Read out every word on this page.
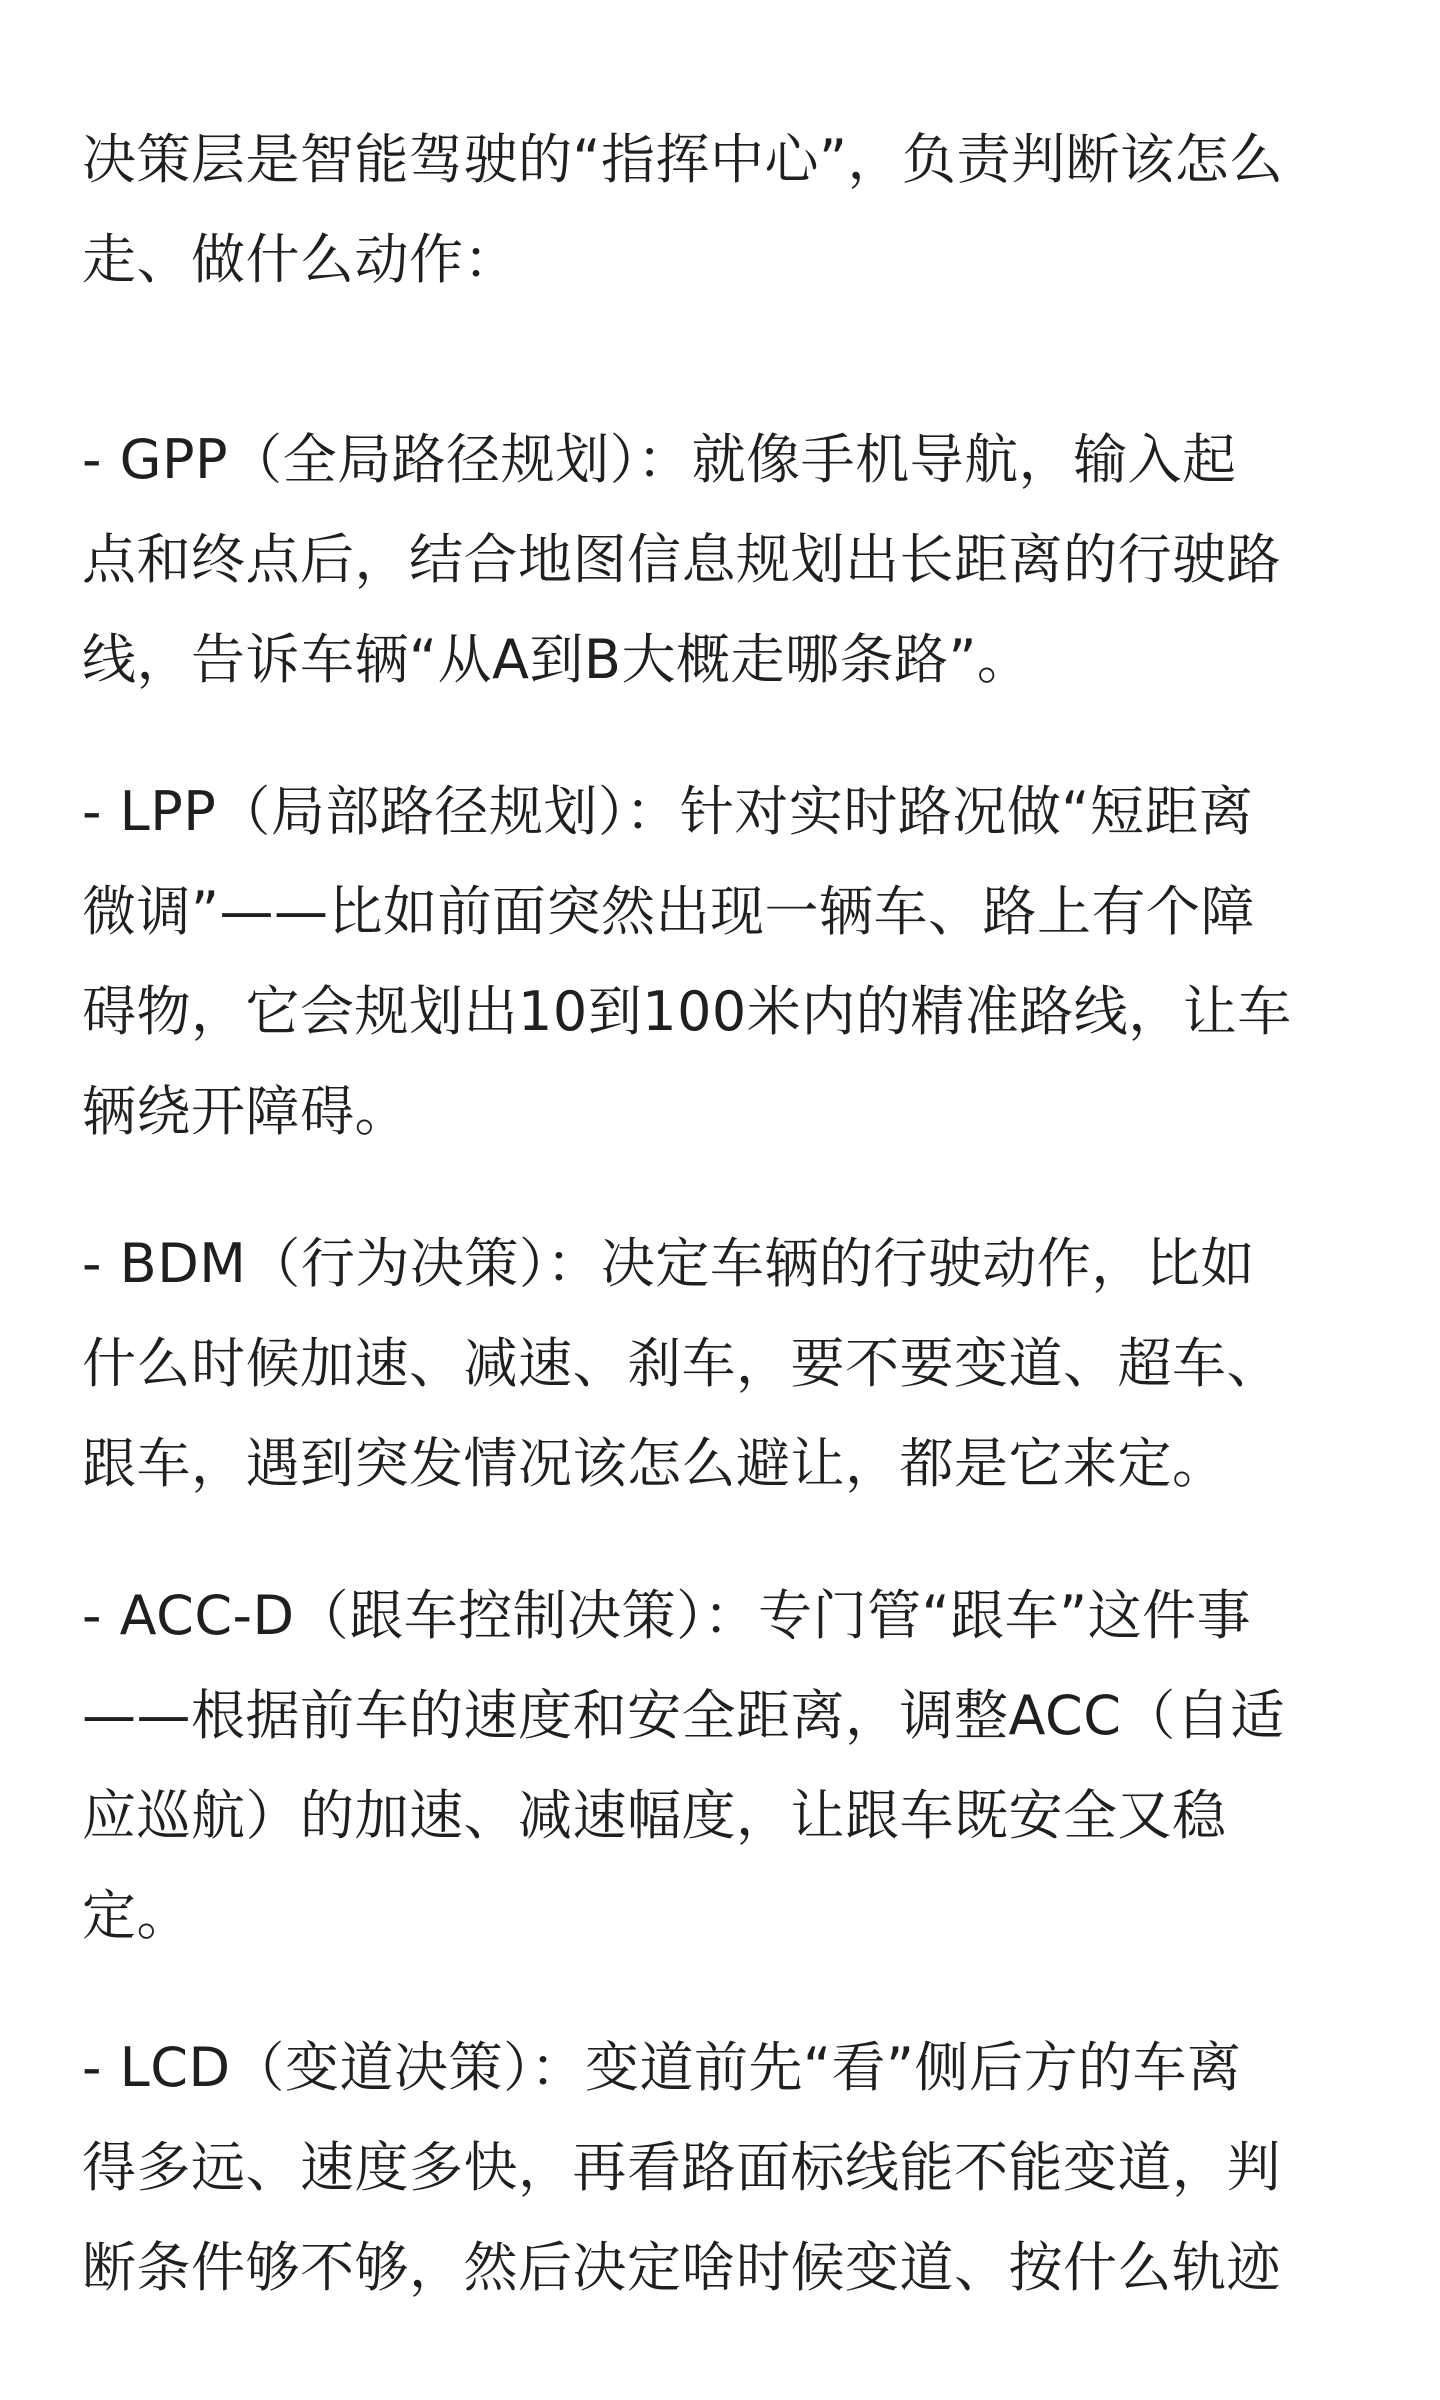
决策层是智能驾驶的“指挥中心”，负责判断该怎么
走、做什么动作：

- GPP（全局路径规划）：就像手机导航，输入起
点和终点后，结合地图信息规划出长距离的行驶路
线，告诉车辆“从A到B大概走哪条路”。

- LPP（局部路径规划）：针对实时路况做“短距离
微调”——比如前面突然出现一辆车、路上有个障
碍物，它会规划出10到100米内的精准路线，让车
辆绕开障碍。

- BDM（行为决策）：决定车辆的行驶动作，比如
什么时候加速、减速、刹车，要不要变道、超车、
跟车，遇到突发情况该怎么避让，都是它来定。

- ACC-D（跟车控制决策）：专门管“跟车”这件事
——根据前车的速度和安全距离，调整ACC（自适
应巡航）的加速、减速幅度，让跟车既安全又稳
定。

- LCD（变道决策）：变道前先“看”侧后方的车离
得多远、速度多快，再看路面标线能不能变道，判
断条件够不够，然后决定啥时候变道、按什么轨迹
